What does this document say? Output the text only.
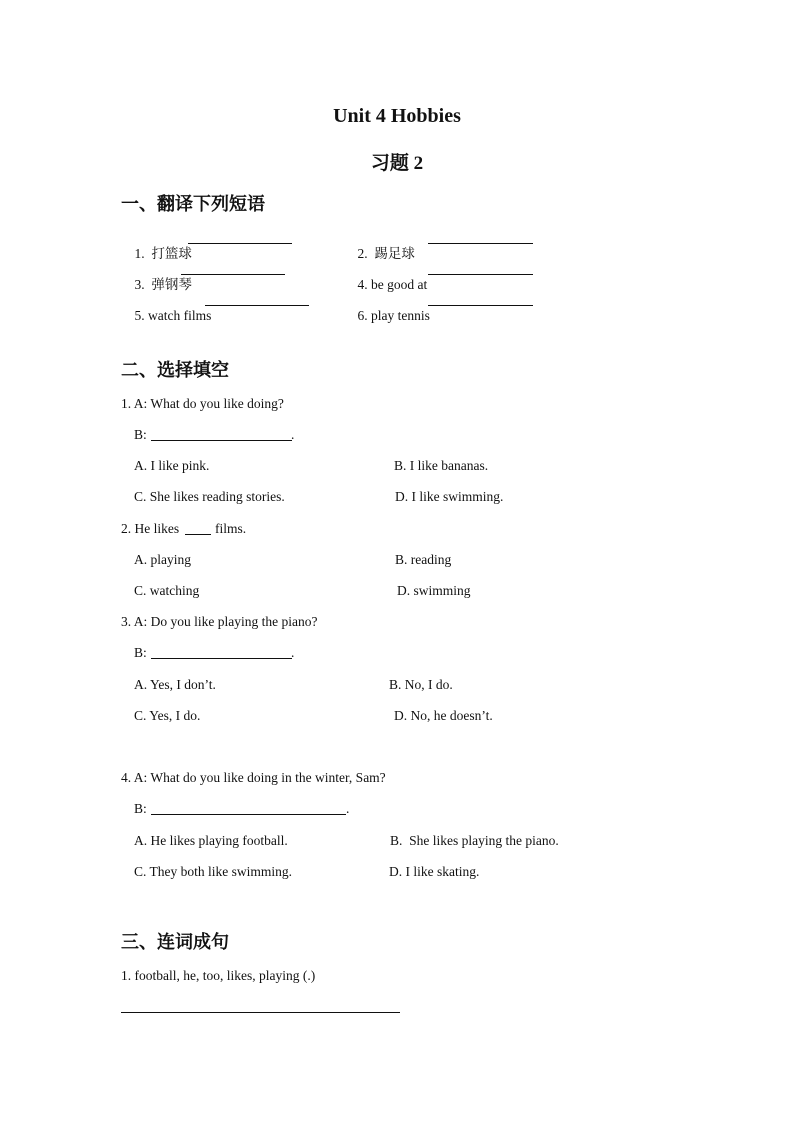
Unit 4 Hobbies
习题 2
一、翻译下列短语

1.  打篮球
	2.  踢足球

3.  弹钢琴
	4. be good at

5. watch films
	6. play tennis

二、选择填空
1. A: What do you like doing?
B:	.
A. I like pink.	B. I like bananas.
C. She likes reading stories.	D. I like swimming.
2. He likes	films.
A. playing	B. reading
C. watching	D. swimming
3. A: Do you like playing the piano?
B:	.
A. Yes, I don’t.	B. No, I do.
C. Yes, I do.	D. No, he doesn’t.
4. A: What do you like doing in the winter, Sam?
B:	.
A. He likes playing football.	B.  She likes playing the piano.
C. They both like swimming.	D. I like skating.
三、连词成句
1. football, he, too, likes, playing (.)
